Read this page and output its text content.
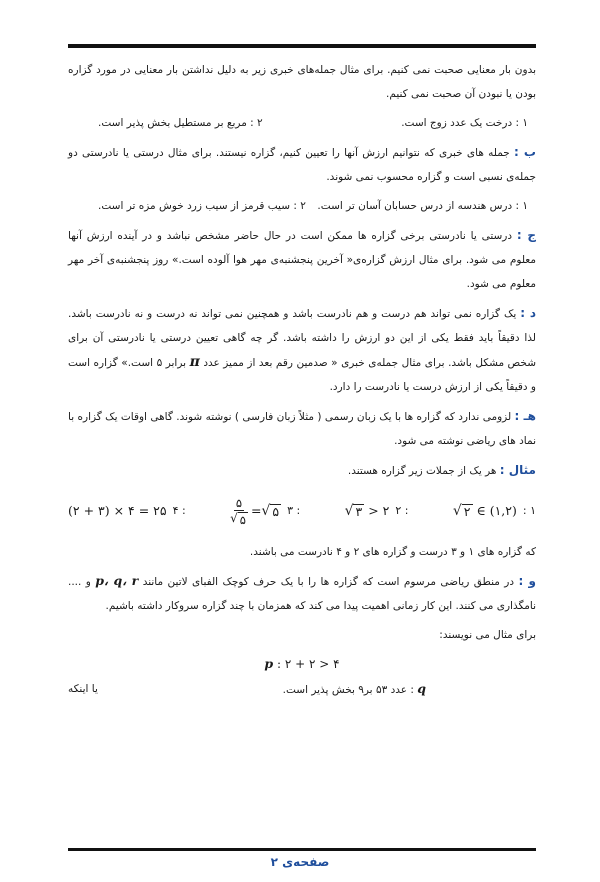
بدون بار معنایی صحبت نمی کنیم. برای مثال جمله‌های خبری زیر به دلیل نداشتن بار معنایی در مورد گزاره بودن یا نبودن آن صحبت نمی کنیم.

۱ : درخت یک عدد زوج است.
۲ : مربع بر مستطیل بخش پذیر است.

ب : جمله های خبری که نتوانیم ارزش آنها را تعیین کنیم، گزاره نیستند. برای مثال درستی یا نادرستی دو جمله‌ی نسبی است و گزاره محسوب نمی شوند.

۱ : درس هندسه از درس حسابان آسان تر است.
۲ : سیب قرمز از سیب زرد خوش مزه تر است.

ج : درستی یا نادرستی برخی گزاره ها ممکن است در حال حاضر مشخص نباشد و در آینده ارزش آنها معلوم می شود. برای مثال ارزش گزاره‌ی« آخرین پنجشنبه‌ی مهر هوا آلوده است.» روز پنجشنبه‌ی آخر مهر معلوم می شود.

د : یک گزاره نمی تواند هم درست و هم نادرست باشد و همچنین نمی تواند نه درست و نه نادرست باشد. لذا دقیقاً باید فقط یکی از این دو ارزش را داشته باشد. گر چه گاهی تعیین درستی یا نادرستی آن برای شخص مشکل باشد. برای مثال جمله‌ی خبری « صدمین رقم بعد از ممیز عدد π برابر ۵ است.» گزاره است و دقیقاً یکی از ارزش درست یا نادرست را دارد.

هـ : لزومی ندارد که گزاره ها با یک زبان رسمی ( مثلاً زبان فارسی ) نوشته شوند. گاهی اوقات یک گزاره با نماد های ریاضی نوشته می شود.

مثال : هر یک از جملات زیر گزاره هستند.

۱ :
√ ۲
∈ (۱,۲)
: ۲
√ ۳
> ۲
: ۳
$\frac{۵}{√ ۵}$ = √ ۵
: ۴
(۲ + ۳) × ۴ = ۲۵

که گزاره های ۱ و ۳ درست و گزاره های ۲ و ۴ نادرست می باشند.

و : در منطق ریاضی مرسوم است که گزاره ها را با یک حرف کوچک الفبای لاتین مانند p، q، r و .... نامگذاری می کنند. این کار زمانی اهمیت پیدا می کند که همزمان با چند گزاره سروکار داشته باشیم.

برای مثال می نویسند:

p
: ۲ + ۲ > ۴
q : عدد ۵۳ بر۹ بخش پذیر است.
یا اینکه
صفحه‌ی ۲
